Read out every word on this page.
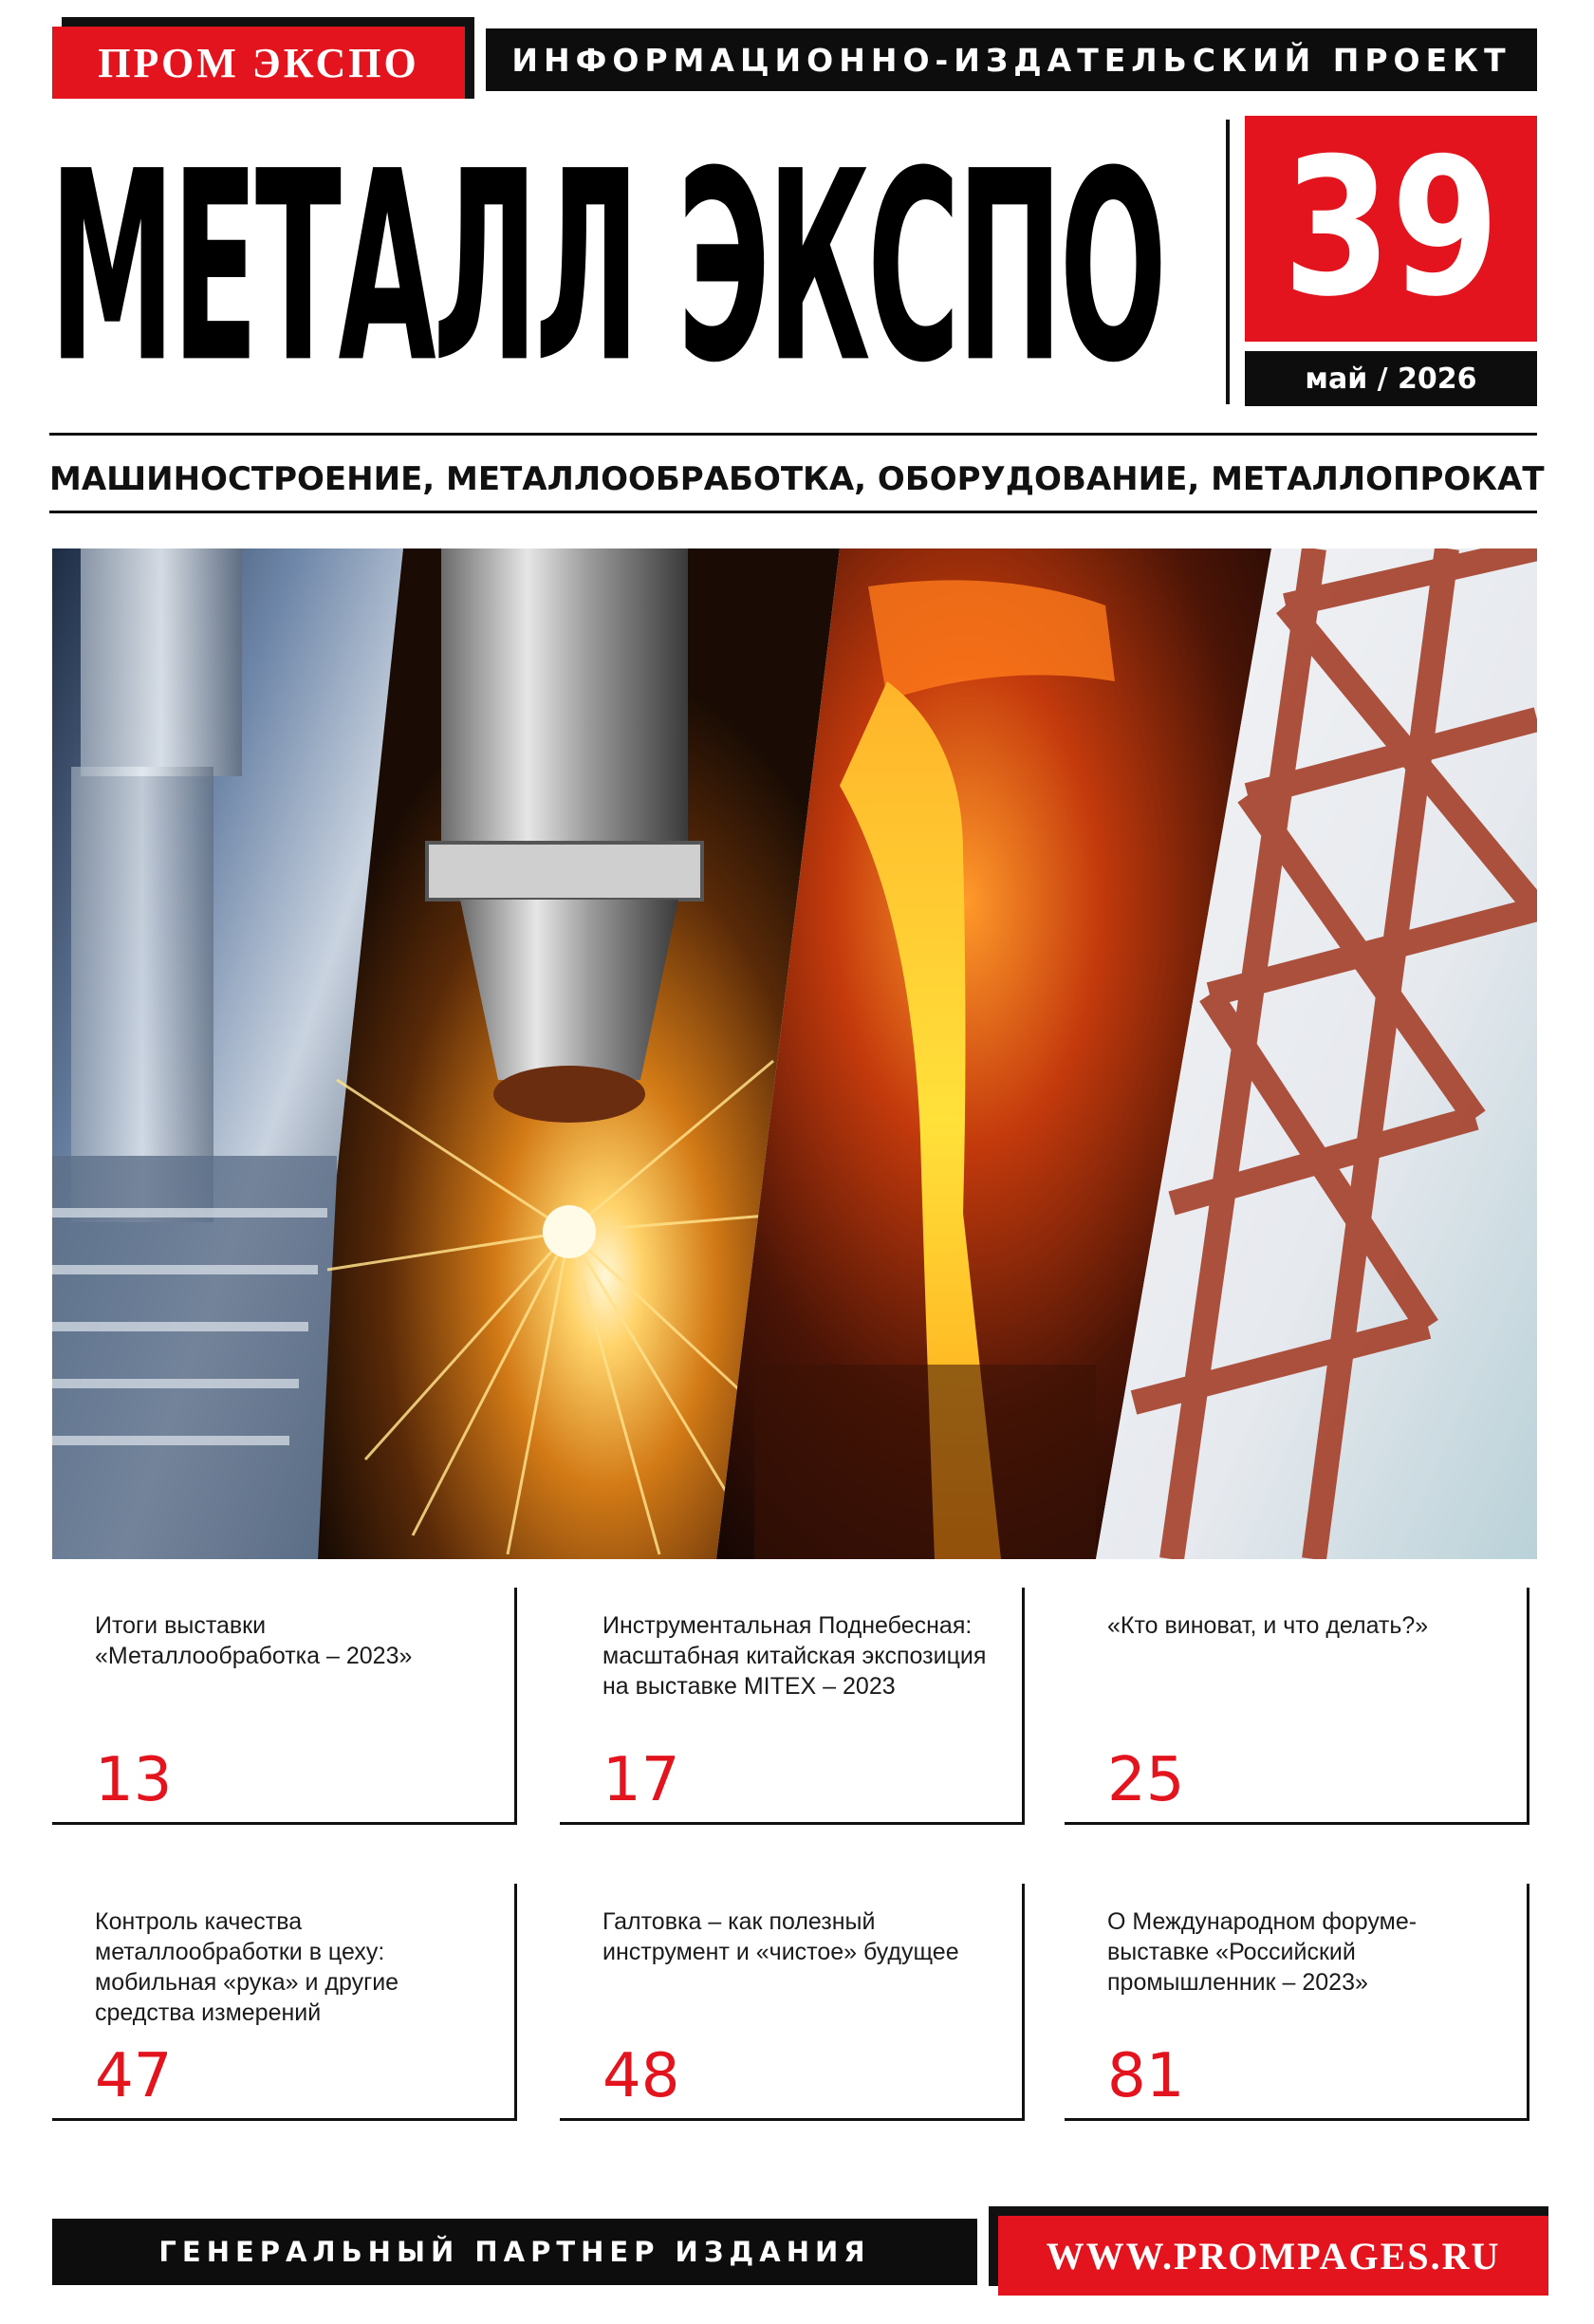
ПРОМ ЭКСПО	ИНФОРМАЦИОННО-ИЗДАТЕЛЬСКИЙ ПРОЕКТ
МЕТАЛЛ ЭКСПО 39
май / 2026
МАШИНОСТРОЕНИЕ, МЕТАЛЛООБРАБОТКА, ОБОРУДОВАНИЕ, МЕТАЛЛОПРОКАТ
Итоги выставки «Металлообработка – 2023»
13
Инструментальная Поднебесная: масштабная китайская экспозиция на выставке MITEX – 2023
17
«Кто виноват, и что делать?»
25
Контроль качества металлообработки в цеху: мобильная «рука» и другие средства измерений
47
Галтовка – как полезный инструмент и «чистое» будущее
48
О Международном форуме-выставке «Российский промышленник – 2023»
81
ГЕНЕРАЛЬНЫЙ ПАРТНЕР ИЗДАНИЯ	WWW.PROMPAGES.RU
